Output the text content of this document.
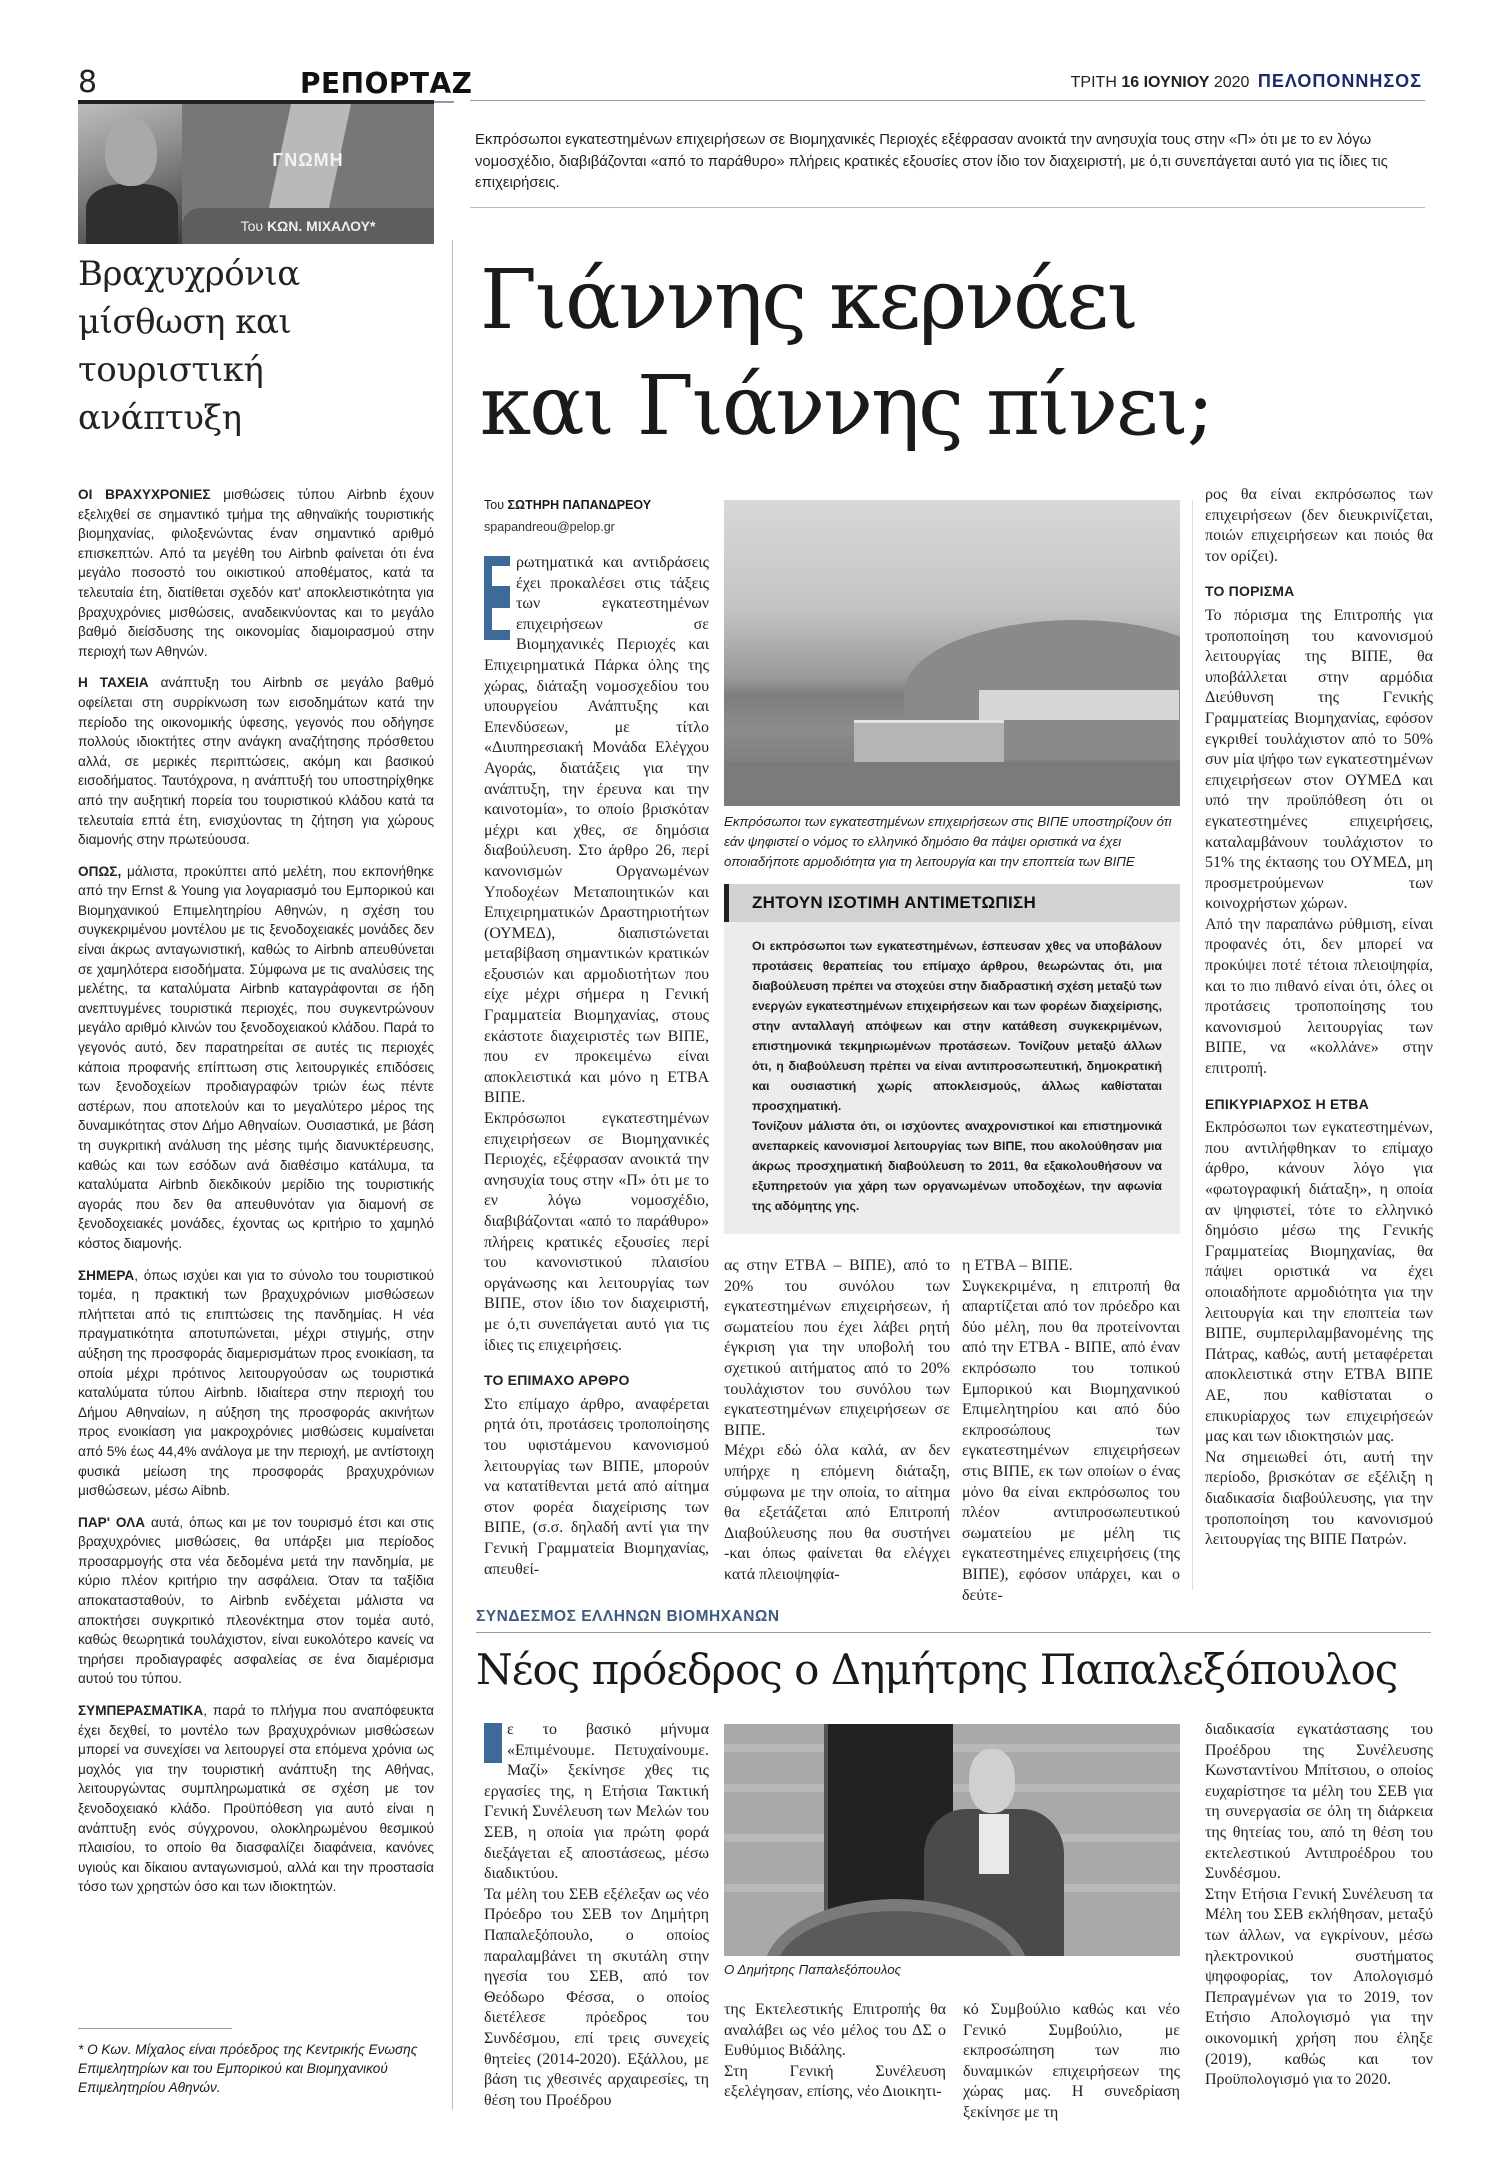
8	ΡΕΠΟΡΤΑΖ	ΤΡΙΤΗ 16 ΙΟΥΝΙΟΥ 2020 ΠΕΛΟΠΟΝΝΗΣΟΣ
ΓΝΩΜΗ
Του ΚΩΝ. ΜΙΧΑΛΟΥ*
Βραχυχρόνια μίσθωση και τουριστική ανάπτυξη

ΟΙ ΒΡΑΧΥΧΡΟΝΙΕΣ μισθώσεις τύπου Airbnb έχουν εξελιχθεί σε σημαντικό τμήμα της αθηναϊκής τουριστικής βιομηχανίας, φιλοξενώντας έναν σημαντικό αριθμό επισκεπτών. Από τα μεγέθη του Airbnb φαίνεται ότι ένα μεγάλο ποσοστό του οικιστικού αποθέματος, κατά τα τελευταία έτη, διατίθεται σχεδόν κατ' αποκλειστικότητα για βραχυχρόνιες μισθώσεις, αναδεικνύοντας και το μεγάλο βαθμό διείσδυσης της οικονομίας διαμοιρασμού στην περιοχή των Αθηνών.

Η ΤΑΧΕΙΑ ανάπτυξη του Airbnb σε μεγάλο βαθμό οφείλεται στη συρρίκνωση των εισοδημάτων κατά την περίοδο της οικονομικής ύφεσης, γεγονός που οδήγησε πολλούς ιδιοκτήτες στην ανάγκη αναζήτησης πρόσθετου αλλά, σε μερικές περιπτώσεις, ακόμη και βασικού εισοδήματος. Ταυτόχρονα, η ανάπτυξή του υποστηρίχθηκε από την αυξητική πορεία του τουριστικού κλάδου κατά τα τελευταία επτά έτη, ενισχύοντας τη ζήτηση για χώρους διαμονής στην πρωτεύουσα.

ΟΠΩΣ, μάλιστα, προκύπτει από μελέτη, που εκπονήθηκε από την Ernst & Young για λογαριασμό του Εμπορικού και Βιομηχανικού Επιμελητηρίου Αθηνών, η σχέση του συγκεκριμένου μοντέλου με τις ξενοδοχειακές μονάδες δεν είναι άκρως ανταγωνιστική, καθώς το Airbnb απευθύνεται σε χαμηλότερα εισοδήματα. Σύμφωνα με τις αναλύσεις της μελέτης, τα καταλύματα Airbnb καταγράφονται σε ήδη ανεπτυγμένες τουριστικά περιοχές, που συγκεντρώνουν μεγάλο αριθμό κλινών του ξενοδοχειακού κλάδου. Παρά το γεγονός αυτό, δεν παρατηρείται σε αυτές τις περιοχές κάποια προφανής επίπτωση στις λειτουργικές επιδόσεις των ξενοδοχείων προδιαγραφών τριών έως πέντε αστέρων, που αποτελούν και το μεγαλύτερο μέρος της δυναμικότητας στον Δήμο Αθηναίων. Ουσιαστικά, με βάση τη συγκριτική ανάλυση της μέσης τιμής διανυκτέρευσης, καθώς και των εσόδων ανά διαθέσιμο κατάλυμα, τα καταλύματα Airbnb διεκδικούν μερίδιο της τουριστικής αγοράς που δεν θα απευθυνόταν για διαμονή σε ξενοδοχειακές μονάδες, έχοντας ως κριτήριο το χαμηλό κόστος διαμονής.

ΣΗΜΕΡΑ, όπως ισχύει και για το σύνολο του τουριστικού τομέα, η πρακτική των βραχυχρόνιων μισθώσεων πλήττεται από τις επιπτώσεις της πανδημίας. Η νέα πραγματικότητα αποτυπώνεται, μέχρι στιγμής, στην αύξηση της προσφοράς διαμερισμάτων προς ενοικίαση, τα οποία μέχρι πρότινος λειτουργούσαν ως τουριστικά καταλύματα τύπου Airbnb. Ιδιαίτερα στην περιοχή του Δήμου Αθηναίων, η αύξηση της προσφοράς ακινήτων προς ενοικίαση για μακροχρόνιες μισθώσεις κυμαίνεται από 5% έως 44,4% ανάλογα με την περιοχή, με αντίστοιχη φυσικά μείωση της προσφοράς βραχυχρόνιων μισθώσεων, μέσω Aibnb.

ΠΑΡ' ΟΛΑ αυτά, όπως και με τον τουρισμό έτσι και στις βραχυχρόνιες μισθώσεις, θα υπάρξει μια περίοδος προσαρμογής στα νέα δεδομένα μετά την πανδημία, με κύριο πλέον κριτήριο την ασφάλεια. Όταν τα ταξίδια αποκατασταθούν, το Airbnb ενδέχεται μάλιστα να αποκτήσει συγκριτικό πλεονέκτημα στον τομέα αυτό, καθώς θεωρητικά τουλάχιστον, είναι ευκολότερο κανείς να τηρήσει προδιαγραφές ασφαλείας σε ένα διαμέρισμα αυτού του τύπου.

ΣΥΜΠΕΡΑΣΜΑΤΙΚΑ, παρά το πλήγμα που αναπόφευκτα έχει δεχθεί, το μοντέλο των βραχυχρόνιων μισθώσεων μπορεί να συνεχίσει να λειτουργεί στα επόμενα χρόνια ως μοχλός για την τουριστική ανάπτυξη της Αθήνας, λειτουργώντας συμπληρωματικά σε σχέση με τον ξενοδοχειακό κλάδο. Προϋπόθεση για αυτό είναι η ανάπτυξη ενός σύγχρονου, ολοκληρωμένου θεσμικού πλαισίου, το οποίο θα διασφαλίζει διαφάνεια, κανόνες υγιούς και δίκαιου ανταγωνισμού, αλλά και την προστασία τόσο των χρηστών όσο και των ιδιοκτητών.

* Ο Κων. Μίχαλος είναι πρόεδρος της Κεντρικής Ενωσης Επιμελητηρίων και του Εμπορικού και Βιομηχανικού Επιμελητηρίου Αθηνών.
Εκπρόσωποι εγκατεστημένων επιχειρήσεων σε Βιομηχανικές Περιοχές εξέφρασαν ανοικτά την ανησυχία τους στην «Π» ότι με το εν λόγω νομοσχέδιο, διαβιβάζονται «από το παράθυρο» πλήρεις κρατικές εξουσίες στον ίδιο τον διαχειριστή, με ό,τι συνεπάγεται αυτό για τις ίδιες τις επιχειρήσεις.
Γιάννης κερνάει
και Γιάννης πίνει;
Του ΣΩΤΗΡΗ ΠΑΠΑΝΔΡΕΟΥ
spapandreou@pelop.gr

ρωτηματικά και αντιδράσεις έχει προκαλέσει στις τάξεις των εγκατεστημένων επιχειρήσεων σε Βιομηχανικές Περιοχές και Επιχειρηματικά Πάρκα όλης της χώρας, διάταξη νομοσχεδίου του υπουργείου Ανάπτυξης και Επενδύσεων, με τίτλο «Διυπηρεσιακή Μονάδα Ελέγχου Αγοράς, διατάξεις για την ανάπτυξη, την έρευνα και την καινοτομία», το οποίο βρισκόταν μέχρι και χθες, σε δημόσια διαβούλευση. Στο άρθρο 26, περί κανονισμών Οργανωμένων Υποδοχέων Μεταποιητικών και Επιχειρηματικών Δραστηριοτήτων (ΟΥΜΕΔ), διαπιστώνεται μεταβίβαση σημαντικών κρατικών εξουσιών και αρμοδιοτήτων που είχε μέχρι σήμερα η Γενική Γραμματεία Βιομηχανίας, στους εκάστοτε διαχειριστές των ΒΙΠΕ, που εν προκειμένω είναι αποκλειστικά και μόνο η ΕΤΒΑ ΒΙΠΕ.

Εκπρόσωποι εγκατεστημένων επιχειρήσεων σε Βιομηχανικές Περιοχές, εξέφρασαν ανοικτά την ανησυχία τους στην «Π» ότι με το εν λόγω νομοσχέδιο, διαβιβάζονται «από το παράθυρο» πλήρεις κρατικές εξουσίες περί του κανονιστικού πλαισίου οργάνωσης και λειτουργίας των ΒΙΠΕ, στον ίδιο τον διαχειριστή, με ό,τι συνεπάγεται αυτό για τις ίδιες τις επιχειρήσεις.

ΤΟ ΕΠΙΜΑΧΟ ΑΡΘΡΟ

Στο επίμαχο άρθρο, αναφέρεται ρητά ότι, προτάσεις τροποποίησης του υφιστάμενου κανονισμού λειτουργίας των ΒΙΠΕ, μπορούν να κατατίθενται μετά από αίτημα στον φορέα διαχείρισης των ΒΙΠΕ, (σ.σ. δηλαδή αντί για την Γενική Γραμματεία Βιομηχανίας, απευθεί-

Εκπρόσωποι των εγκατεστημένων επιχειρήσεων στις ΒΙΠΕ υποστηρίζουν ότι εάν ψηφιστεί ο νόμος το ελληνικό δημόσιο θα πάψει οριστικά να έχει οποιαδήποτε αρμοδιότητα για τη λειτουργία και την εποπτεία των ΒΙΠΕ
ΖΗΤΟΥΝ ΙΣΟΤΙΜΗ ΑΝΤΙΜΕΤΩΠΙΣΗ

Οι εκπρόσωποι των εγκατεστημένων, έσπευσαν χθες να υποβάλουν προτάσεις θεραπείας του επίμαχο άρθρου, θεωρώντας ότι, μια διαβούλευση πρέπει να στοχεύει στην διαδραστική σχέση μεταξύ των ενεργών εγκατεστημένων επιχειρήσεων και των φορέων διαχείρισης, στην ανταλλαγή απόψεων και στην κατάθεση συγκεκριμένων, επιστημονικά τεκμηριωμένων προτάσεων. Τονίζουν μεταξύ άλλων ότι, η διαβούλευση πρέπει να είναι αντιπροσωπευτική, δημοκρατική και ουσιαστική χωρίς αποκλεισμούς, άλλως καθίσταται προσχηματική.

Τονίζουν μάλιστα ότι, οι ισχύοντες αναχρονιστικοί και επιστημονικά ανεπαρκείς κανονισμοί λειτουργίας των ΒΙΠΕ, που ακολούθησαν μια άκρως προσχηματική διαβούλευση το 2011, θα εξακολουθήσουν να εξυπηρετούν για χάρη των οργανωμένων υποδοχέων, την αφωνία της αδόμητης γης.

ας στην ΕΤΒΑ – ΒΙΠΕ), από το 20% του συνόλου των εγκατεστημένων επιχειρήσεων, ή σωματείου που έχει λάβει ρητή έγκριση για την υποβολή του σχετικού αιτήματος από το 20% τουλάχιστον του συνόλου των εγκατεστημένων επιχειρήσεων σε ΒΙΠΕ.

Μέχρι εδώ όλα καλά, αν δεν υπήρχε η επόμενη διάταξη, σύμφωνα με την οποία, το αίτημα θα εξετάζεται από Επιτροπή Διαβούλευσης που θα συστήνει -και όπως φαίνεται θα ελέγχει κατά πλειοψηφία-

η ΕΤΒΑ – ΒΙΠΕ.

Συγκεκριμένα, η επιτροπή θα απαρτίζεται από τον πρόεδρο και δύο μέλη, που θα προτείνονται από την ΕΤΒΑ - ΒΙΠΕ, από έναν εκπρόσωπο του τοπικού Εμπορικού και Βιομηχανικού Επιμελητηρίου και από δύο εκπροσώπους των εγκατεστημένων επιχειρήσεων στις ΒΙΠΕ, εκ των οποίων ο ένας μόνο θα είναι εκπρόσωπος του πλέον αντιπροσωπευτικού σωματείου με μέλη τις εγκατεστημένες επιχειρήσεις (της ΒΙΠΕ), εφόσον υπάρχει, και ο δεύτε-

ρος θα είναι εκπρόσωπος των επιχειρήσεων (δεν διευκρινίζεται, ποιών επιχειρήσεων και ποιός θα τον ορίζει).

ΤΟ ΠΟΡΙΣΜΑ

Το πόρισμα της Επιτροπής για τροποποίηση του κανονισμού λειτουργίας της ΒΙΠΕ, θα υποβάλλεται στην αρμόδια Διεύθυνση της Γενικής Γραμματείας Βιομηχανίας, εφόσον εγκριθεί τουλάχιστον από το 50% συν μία ψήφο των εγκατεστημένων επιχειρήσεων στον ΟΥΜΕΔ και υπό την προϋπόθεση ότι οι εγκατεστημένες επιχειρήσεις, καταλαμβάνουν τουλάχιστον το 51% της έκτασης του ΟΥΜΕΔ, μη προσμετρούμενων των κοινοχρήστων χώρων.

Από την παραπάνω ρύθμιση, είναι προφανές ότι, δεν μπορεί να προκύψει ποτέ τέτοια πλειοψηφία, και το πιο πιθανό είναι ότι, όλες οι προτάσεις τροποποίησης του κανονισμού λειτουργίας των ΒΙΠΕ, να «κολλάνε» στην επιτροπή.

ΕΠΙΚΥΡΙΑΡΧΟΣ Η ΕΤΒΑ

Εκπρόσωποι των εγκατεστημένων, που αντιλήφθηκαν το επίμαχο άρθρο, κάνουν λόγο για «φωτογραφική διάταξη», η οποία αν ψηφιστεί, τότε το ελληνικό δημόσιο μέσω της Γενικής Γραμματείας Βιομηχανίας, θα πάψει οριστικά να έχει οποιαδήποτε αρμοδιότητα για την λειτουργία και την εποπτεία των ΒΙΠΕ, συμπεριλαμβανομένης της Πάτρας, καθώς, αυτή μεταφέρεται αποκλειστικά στην ΕΤΒΑ ΒΙΠΕ ΑΕ, που καθίσταται ο επικυρίαρχος των επιχειρήσεών μας και των ιδιοκτησιών μας.

Να σημειωθεί ότι, αυτή την περίοδο, βρισκόταν σε εξέλιξη η διαδικασία διαβούλευσης, για την τροποποίηση του κανονισμού λειτουργίας της ΒΙΠΕ Πατρών.

ΣΥΝΔΕΣΜΟΣ ΕΛΛΗΝΩΝ ΒΙΟΜΗΧΑΝΩΝ
Νέος πρόεδρος ο Δημήτρης Παπαλεξόπουλος

ε το βασικό μήνυμα «Επιμένουμε. Πετυχαίνουμε. Μαζί» ξεκίνησε χθες τις εργασίες της, η Ετήσια Τακτική Γενική Συνέλευση των Μελών του ΣΕΒ, η οποία για πρώτη φορά διεξάγεται εξ αποστάσεως, μέσω διαδικτύου.

Τα μέλη του ΣΕΒ εξέλεξαν ως νέο Πρόεδρο του ΣΕΒ τον Δημήτρη Παπαλεξόπουλο, ο οποίος παραλαμβάνει τη σκυτάλη στην ηγεσία του ΣΕΒ, από τον Θεόδωρο Φέσσα, ο οποίος διετέλεσε πρόεδρος του Συνδέσμου, επί τρεις συνεχείς θητείες (2014-2020). Εξάλλου, με βάση τις χθεσινές αρχαιρεσίες, τη θέση του Προέδρου

Ο Δημήτρης Παπαλεξόπουλος

της Εκτελεστικής Επιτροπής θα αναλάβει ως νέο μέλος του ΔΣ ο Ευθύμιος Βιδάλης.

Στη Γενική Συνέλευση εξελέγησαν, επίσης, νέο Διοικητι-

κό Συμβούλιο καθώς και νέο Γενικό Συμβούλιο, με εκπροσώπηση των πιο δυναμικών επιχειρήσεων της χώρας μας. Η συνεδρίαση ξεκίνησε με τη

διαδικασία εγκατάστασης του Προέδρου της Συνέλευσης Κωνσταντίνου Μπίτσιου, ο οποίος ευχαρίστησε τα μέλη του ΣΕΒ για τη συνεργασία σε όλη τη διάρκεια της θητείας του, από τη θέση του εκτελεστικού Αντιπροέδρου του Συνδέσμου.

Στην Ετήσια Γενική Συνέλευση τα Μέλη του ΣΕΒ εκλήθησαν, μεταξύ των άλλων, να εγκρίνουν, μέσω ηλεκτρονικού συστήματος ψηφοφορίας, τον Απολογισμό Πεπραγμένων για το 2019, τον Ετήσιο Απολογισμό για την οικονομική χρήση που έληξε (2019), καθώς και τον Προϋπολογισμό για το 2020.
